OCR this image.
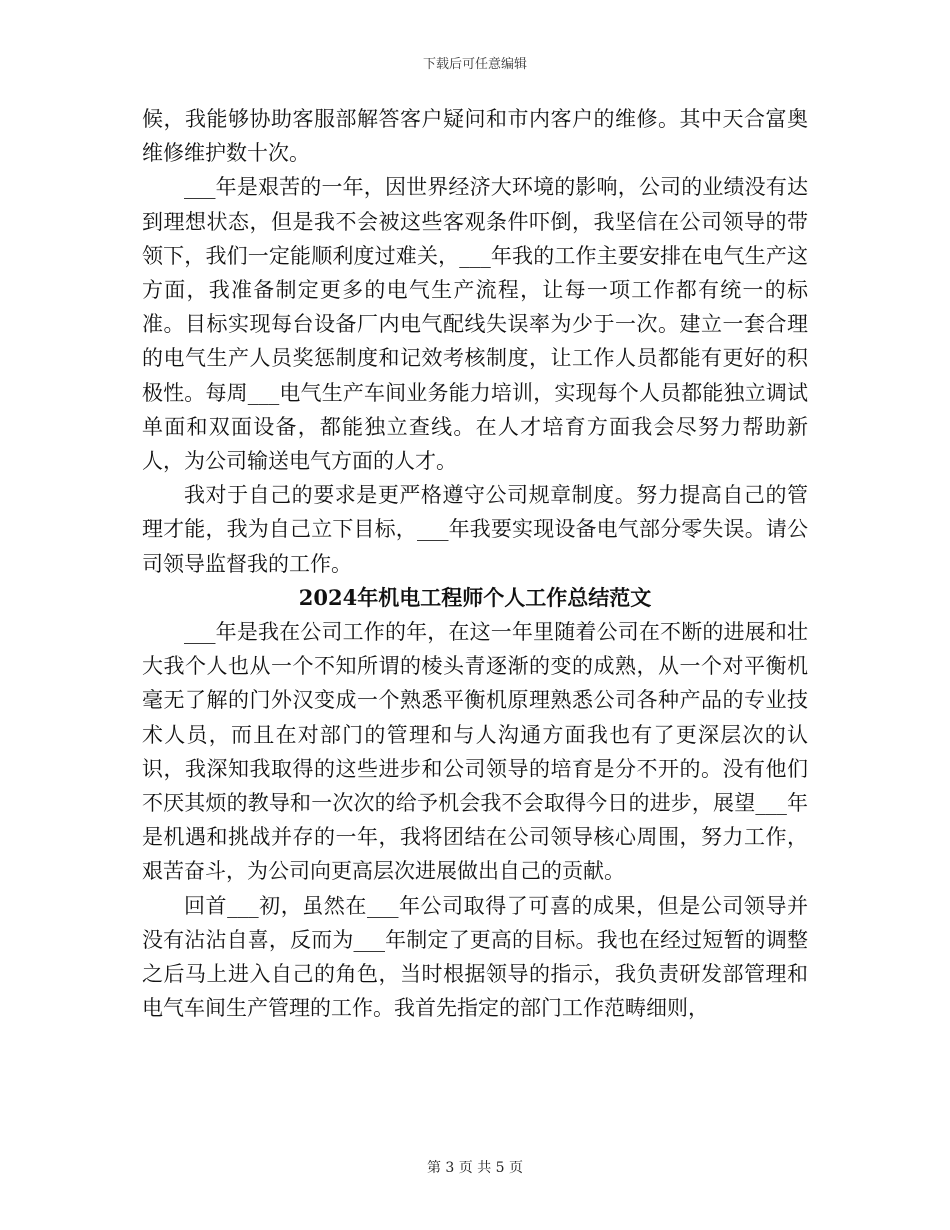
下载后可任意编辑

候，我能够协助客服部解答客户疑问和市内客户的维修。其中天合富奥维修维护数十次。

___年是艰苦的一年，因世界经济大环境的影响，公司的业绩没有达到理想状态，但是我不会被这些客观条件吓倒，我坚信在公司领导的带领下，我们一定能顺利度过难关，___年我的工作主要安排在电气生产这方面，我准备制定更多的电气生产流程，让每一项工作都有统一的标准。目标实现每台设备厂内电气配线失误率为少于一次。建立一套合理的电气生产人员奖惩制度和记效考核制度，让工作人员都能有更好的积极性。每周___电气生产车间业务能力培训，实现每个人员都能独立调试单面和双面设备，都能独立查线。在人才培育方面我会尽努力帮助新人，为公司输送电气方面的人才。

我对于自己的要求是更严格遵守公司规章制度。努力提高自己的管理才能，我为自己立下目标，___年我要实现设备电气部分零失误。请公司领导监督我的工作。

2024年机电工程师个人工作总结范文

___年是我在公司工作的年，在这一年里随着公司在不断的进展和壮大我个人也从一个不知所谓的棱头青逐渐的变的成熟，从一个对平衡机毫无了解的门外汉变成一个熟悉平衡机原理熟悉公司各种产品的专业技术人员，而且在对部门的管理和与人沟通方面我也有了更深层次的认识，我深知我取得的这些进步和公司领导的培育是分不开的。没有他们不厌其烦的教导和一次次的给予机会我不会取得今日的进步，展望___年是机遇和挑战并存的一年，我将团结在公司领导核心周围，努力工作，艰苦奋斗，为公司向更高层次进展做出自己的贡献。

回首___初，虽然在___年公司取得了可喜的成果，但是公司领导并没有沾沾自喜，反而为___年制定了更高的目标。我也在经过短暂的调整之后马上进入自己的角色，当时根据领导的指示，我负责研发部管理和电气车间生产管理的工作。我首先指定的部门工作范畴细则，

第 3 页 共 5 页
